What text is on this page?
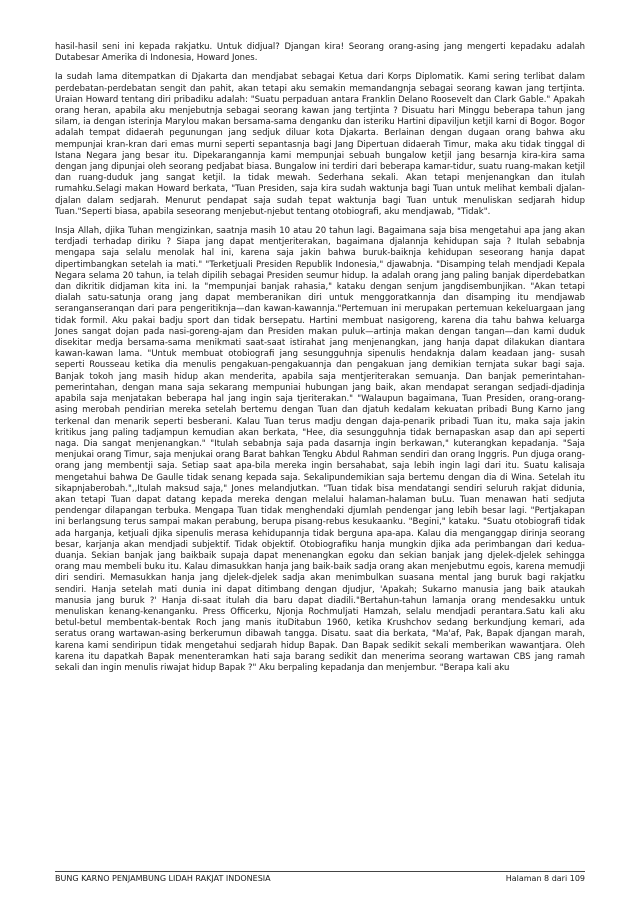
hasil-hasil seni ini kepada rakjatku. Untuk didjual? Djangan kira! Seorang orang-asing jang mengerti kepadaku adalah Dutabesar Amerika di Indonesia, Howard Jones.

Ia sudah lama ditempatkan di Djakarta dan mendjabat sebagai Ketua dari Korps Diplomatik. Kami sering terlibat dalam perdebatan-perdebatan sengit dan pahit, akan tetapi aku semakin memandangnja sebagai seorang kawan jang tertjinta. Uraian Howard tentang diri pribadiku adalah: "Suatu perpaduan antara Franklin Delano Roosevelt dan Clark Gable." Apakah orang heran, apabila aku menjebutnja sebagai seorang kawan jang tertjinta ? Disuatu hari Minggu beberapa tahun jang silam, ia dengan isterinja Marylou makan bersama-sama denganku dan isteriku Hartini dipaviljun ketjil karni di Bogor. Bogor adalah tempat didaerah pegunungan jang sedjuk diluar kota Djakarta. Berlainan dengan dugaan orang bahwa aku mempunjai kran-kran dari emas murni seperti sepantasnja bagi Jang Dipertuan didaerah Timur, maka aku tidak tinggal di Istana Negara jang besar itu. Dipekarangannja kami mempunjai sebuah bungalow ketjil jang besarnja kira-kira sama dengan jang dipunjai oleh seorang pedjabat biasa. Bungalow ini terdiri dari beberapa kamar-tidur, suatu ruang-makan ketjil dan ruang-duduk jang sangat ketjil. Ia tidak mewah. Sederhana sekali. Akan tetapi menjenangkan dan itulah rumahku.Selagi makan Howard berkata, "Tuan Presiden, saja kira sudah waktunja bagi Tuan untuk melihat kembali djalan-djalan dalam sedjarah. Menurut pendapat saja sudah tepat waktunja bagi Tuan untuk menuliskan sedjarah hidup Tuan."Seperti biasa, apabila seseorang menjebut-njebut tentang otobiografi, aku mendjawab, "Tidak".

Insja Allah, djika Tuhan mengizinkan, saatnja masih 10 atau 20 tahun lagi. Bagaimana saja bisa mengetahui apa jang akan terdjadi terhadap diriku ? Siapa jang dapat mentjeriterakan, bagaimana djalannja kehidupan saja ? Itulah sebabnja mengapa saja selalu menolak hal ini, karena saja jakin bahwa buruk-baiknja kehidupan seseorang hanja dapat dipertimbangkan setelah ia mati." "Terketjuali Presiden Republik Indonesia," djawabnja. "Disamping telah mendjadi Kepala Negara selama 20 tahun, ia telah dipilih sebagai Presiden seumur hidup. Ia adalah orang jang paling banjak diperdebatkan dan dikritik didjaman kita ini. Ia "mempunjai banjak rahasia," kataku dengan senjum jangdisembunjikan. "Akan tetapi dialah satu-satunja orang jang dapat memberanikan diri untuk menggoratkannja dan disamping itu mendjawab seranganseranqan dari para pengeritiknja—dan kawan-kawannja."Pertemuan ini merupakan pertemuan kekeluargaan jang tidak formil. Aku pakai badju sport dan tidak bersepatu. Hartini membuat nasigoreng, karena dia tahu bahwa keluarga Jones sangat dojan pada nasi-goreng-ajam dan Presiden makan puluk—artinja makan dengan tangan—dan kami duduk disekitar medja bersama-sama menikmati saat-saat istirahat jang menjenangkan, jang hanja dapat dilakukan diantara kawan-kawan lama. "Untuk membuat otobiografi jang sesungguhnja sipenulis hendaknja dalam keadaan jang- susah seperti Rousseau ketika dia menulis pengakuan-pengakuannja dan pengakuan jang demikian ternjata sukar bagi saja. Banjak tokoh jang masih hidup akan menderita, apabila saja mentjeriterakan semuanja. Dan banjak pemerintahan-pemerintahan, dengan mana saja sekarang mempuniai hubungan jang baik, akan mendapat serangan sedjadi-djadinja apabila saja menjatakan beberapa hal jang ingin saja tjeriterakan." "Walaupun bagaimana, Tuan Presiden, orang-orang-asing merobah pendirian mereka setelah bertemu dengan Tuan dan djatuh kedalam kekuatan pribadi Bung Karno jang terkenal dan menarik seperti besberani. Kalau Tuan terus madju dengan daja-penarik pribadi Tuan itu, maka saja jakin kritikus jang paling tadjampun kemudian akan berkata, "Hee, dia sesungguhnja tidak bernapaskan asap dan api seperti naga. Dia sangat menjenangkan." "Itulah sebabnja saja pada dasarnja ingin berkawan," kuterangkan kepadanja. "Saja menjukai orang Timur, saja menjukai orang Barat bahkan Tengku Abdul Rahman sendiri dan orang Inggris. Pun djuga orang-orang jang membentji saja. Setiap saat apa-bila mereka ingin bersahabat, saja lebih ingin lagi dari itu. Suatu kalisaja mengetahui bahwa De Gaulle tidak senang kepada saja. Sekalipundemikian saja bertemu dengan dia di Wina. Setelah itu sikapnjaberobah.",,Itulah maksud saja," Jones melandjutkan. "Tuan tidak bisa mendatangi sendiri seluruh rakjat didunia, akan tetapi Tuan dapat datang kepada mereka dengan melalui halaman-halaman buLu. Tuan menawan hati sedjuta pendengar dilapangan terbuka. Mengapa Tuan tidak menghendaki djumlah pendengar jang lebih besar lagi. "Pertjakapan ini berlangsung terus sampai makan perabung, berupa pisang-rebus kesukaanku. "Begini," kataku. "Suatu otobiografi tidak ada harganja, ketjuali djika sipenulis merasa kehidupannja tidak berguna apa-apa. Kalau dia menganggap dirinja seorang besar, karjanja akan mendjadi subjektif. Tidak objektif. Otobiografiku hanja mungkin djika ada perimbangan dari kedua-duanja. Sekian banjak jang baikbaik supaja dapat menenangkan egoku dan sekian banjak jang djelek-djelek sehingga orang mau membeli buku itu. Kalau dimasukkan hanja jang baik-baik sadja orang akan menjebutmu egois, karena memudji diri sendiri. Memasukkan hanja jang djelek-djelek sadja akan menimbulkan suasana mental jang buruk bagi rakjatku sendiri. Hanja setelah mati dunia ini dapat ditimbang dengan djudjur, 'Apakah; Sukarno manusia jang baik ataukah manusia jang buruk ?' Hanja di-saat itulah dia baru dapat diadili."Bertahun-tahun lamanja orang mendesakku untuk menuliskan kenang-kenanganku. Press Officerku, Njonja Rochmuljati Hamzah, selalu mendjadi perantara.Satu kali aku betul-betul membentak-bentak Roch jang manis ituDitabun 1960, ketika Krushchov sedang berkundjung kemari, ada seratus orang wartawan-asing berkerumun dibawah tangga. Disatu. saat dia berkata, "Ma'af, Pak, Bapak djangan marah, karena kami sendiripun tidak mengetahui sedjarah hidup Bapak. Dan Bapak sedikit sekali memberikan wawantjara. Oleh karena itu dapatkah Bapak menenteramkan hati saja barang sedikit dan menerima seorang wartawan CBS jang ramah sekali dan ingin menulis riwajat hidup Bapak ?" Aku berpaling kepadanja dan menjembur. "Berapa kali aku

BUNG KARNO PENJAMBUNG LIDAH RAKJAT INDONESIA	Halaman 8 dari 109
